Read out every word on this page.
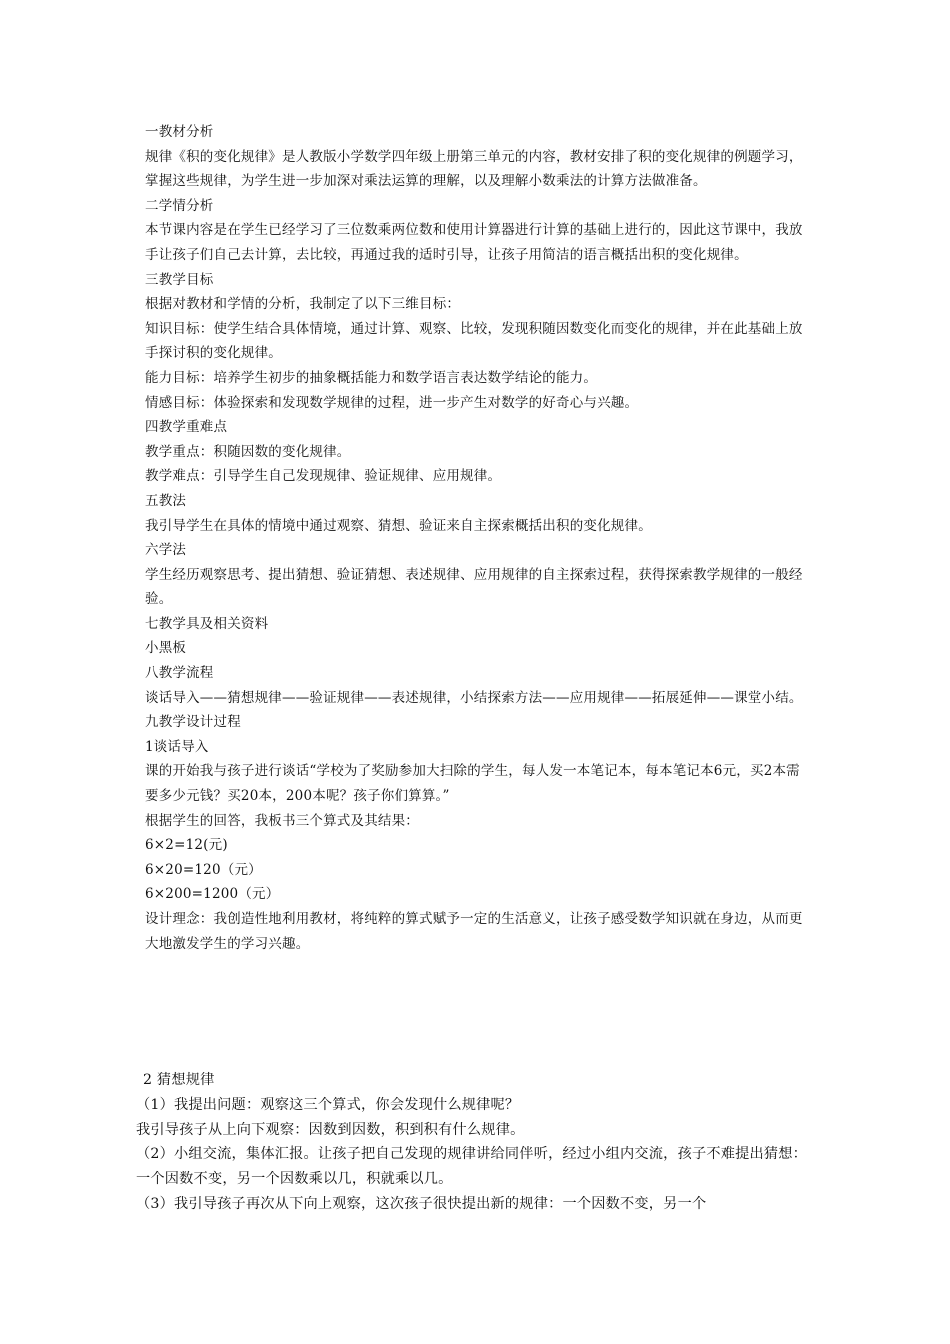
一教材分析

规律《积的变化规律》是人教版小学数学四年级上册第三单元的内容，教材安排了积的变化规律的例题学习，掌握这些规律，为学生进一步加深对乘法运算的理解，以及理解小数乘法的计算方法做准备。

二学情分析

本节课内容是在学生已经学习了三位数乘两位数和使用计算器进行计算的基础上进行的，因此这节课中，我放手让孩子们自己去计算，去比较，再通过我的适时引导，让孩子用简洁的语言概括出积的变化规律。

三教学目标

根据对教材和学情的分析，我制定了以下三维目标：

知识目标：使学生结合具体情境，通过计算、观察、比较，发现积随因数变化而变化的规律，并在此基础上放手探讨积的变化规律。

能力目标：培养学生初步的抽象概括能力和数学语言表达数学结论的能力。

情感目标：体验探索和发现数学规律的过程，进一步产生对数学的好奇心与兴趣。

四教学重难点

教学重点：积随因数的变化规律。

教学难点：引导学生自己发现规律、验证规律、应用规律。

五教法

我引导学生在具体的情境中通过观察、猜想、验证来自主探索概括出积的变化规律。

六学法

学生经历观察思考、提出猜想、验证猜想、表述规律、应用规律的自主探索过程，获得探索教学规律的一般经验。

七教学具及相关资料

小黑板

八教学流程

谈话导入——猜想规律——验证规律——表述规律，小结探索方法——应用规律——拓展延伸——课堂小结。

九教学设计过程

1谈话导入

课的开始我与孩子进行谈话“学校为了奖励参加大扫除的学生，每人发一本笔记本，每本笔记本6元，买2本需要多少元钱？买20本，200本呢？孩子你们算算。”

根据学生的回答，我板书三个算式及其结果：

6×2=12(元)

6×20=120（元）

6×200=1200（元）

设计理念：我创造性地利用教材，将纯粹的算式赋予一定的生活意义，让孩子感受数学知识就在身边，从而更大地激发学生的学习兴趣。

2 猜想规律

（1）我提出问题：观察这三个算式，你会发现什么规律呢？

我引导孩子从上向下观察：因数到因数，积到积有什么规律。

（2）小组交流，集体汇报。让孩子把自己发现的规律讲给同伴听，经过小组内交流，孩子不难提出猜想：一个因数不变，另一个因数乘以几，积就乘以几。

（3）我引导孩子再次从下向上观察，这次孩子很快提出新的规律：一个因数不变，另一个
